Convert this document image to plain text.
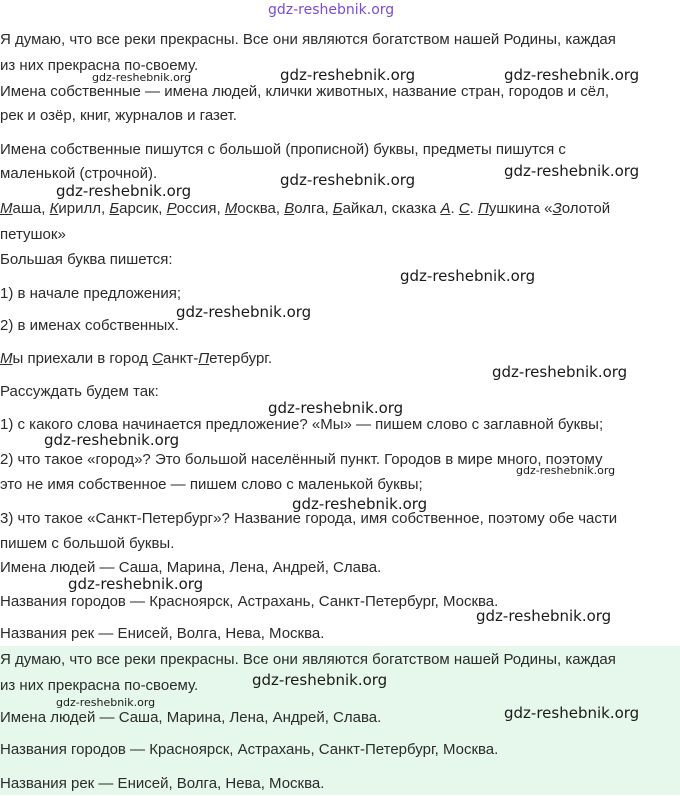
Я думаю, что все реки прекрасны. Все они являются богатством нашей Родины, каждая
из них прекрасна по-своему.
Имена собственные — имена людей, клички животных, название стран, городов и сёл,
рек и озёр, книг, журналов и газет.
Имена собственные пишутся с большой (прописной) буквы, предметы пишутся с
маленькой (строчной).
Маша, Кирилл, Барсик, Россия, Москва, Волга, Байкал, сказка А. С. Пушкина «Золотой
петушок»
Большая буква пишется:
1) в начале предложения;
2) в именах собственных.
Мы приехали в город Санкт-Петербург.
Рассуждать будем так:
1) с какого слова начинается предложение? «Мы» — пишем слово с заглавной буквы;
2) что такое «город»? Это большой населённый пункт. Городов в мире много, поэтому
это не имя собственное — пишем слово с маленькой буквы;
3) что такое «Санкт-Петербург»? Название города, имя собственное, поэтому обе части
пишем с большой буквы.
Имена людей — Саша, Марина, Лена, Андрей, Слава.
Названия городов — Красноярск, Астрахань, Санкт-Петербург, Москва.
Названия рек — Енисей, Волга, Нева, Москва.
Я думаю, что все реки прекрасны. Все они являются богатством нашей Родины, каждая
из них прекрасна по-своему.
Имена людей — Саша, Марина, Лена, Андрей, Слава.
Названия городов — Красноярск, Астрахань, Санкт-Петербург, Москва.
Названия рек — Енисей, Волга, Нева, Москва.
gdz-reshebnik.org
gdz-reshebnik.org	gdz-reshebnik.org	gdz-reshebnik.org
gdz-reshebnik.org
gdz-reshebnik.org	gdz-reshebnik.org
gdz-reshebnik.org
gdz-reshebnik.org
gdz-reshebnik.org
gdz-reshebnik.org
gdz-reshebnik.org
gdz-reshebnik.org
gdz-reshebnik.org
gdz-reshebnik.org
gdz-reshebnik.org
gdz-reshebnik.org
gdz-reshebnik.org
gdz-reshebnik.org
